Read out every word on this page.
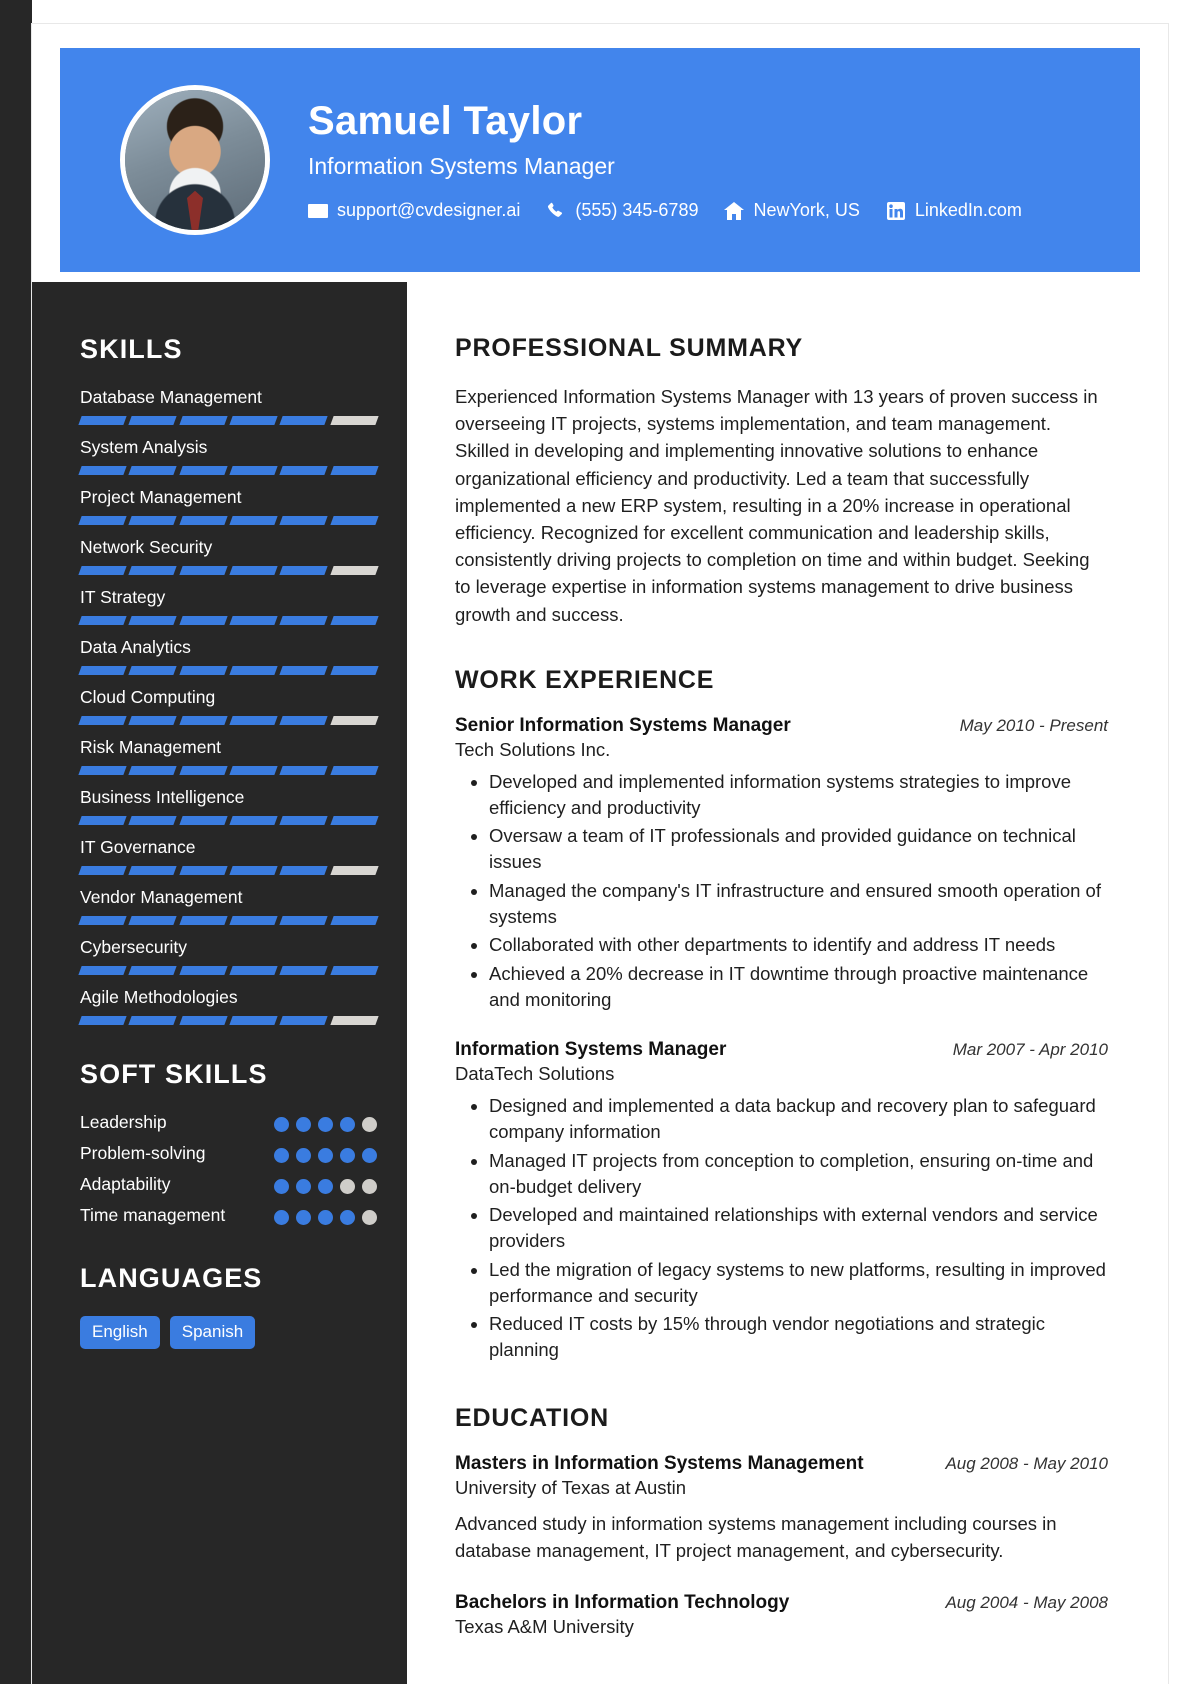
Samuel Taylor
Information Systems Manager
support@cvdesigner.ai	(555) 345-6789	NewYork, US	LinkedIn.com
SKILLS
Database Management
System Analysis
Project Management
Network Security
IT Strategy
Data Analytics
Cloud Computing
Risk Management
Business Intelligence
IT Governance
Vendor Management
Cybersecurity
Agile Methodologies
SOFT SKILLS
Leadership
Problem-solving
Adaptability
Time management
LANGUAGES
English	Spanish
PROFESSIONAL SUMMARY
Experienced Information Systems Manager with 13 years of proven success in overseeing IT projects, systems implementation, and team management. Skilled in developing and implementing innovative solutions to enhance organizational efficiency and productivity. Led a team that successfully implemented a new ERP system, resulting in a 20% increase in operational efficiency. Recognized for excellent communication and leadership skills, consistently driving projects to completion on time and within budget. Seeking to leverage expertise in information systems management to drive business growth and success.
WORK EXPERIENCE
Senior Information Systems Manager	May 2010 - Present
Tech Solutions Inc.
• Developed and implemented information systems strategies to improve efficiency and productivity
• Oversaw a team of IT professionals and provided guidance on technical issues
• Managed the company's IT infrastructure and ensured smooth operation of systems
• Collaborated with other departments to identify and address IT needs
• Achieved a 20% decrease in IT downtime through proactive maintenance and monitoring
Information Systems Manager	Mar 2007 - Apr 2010
DataTech Solutions
• Designed and implemented a data backup and recovery plan to safeguard company information
• Managed IT projects from conception to completion, ensuring on-time and on-budget delivery
• Developed and maintained relationships with external vendors and service providers
• Led the migration of legacy systems to new platforms, resulting in improved performance and security
• Reduced IT costs by 15% through vendor negotiations and strategic planning
EDUCATION
Masters in Information Systems Management	Aug 2008 - May 2010
University of Texas at Austin
Advanced study in information systems management including courses in database management, IT project management, and cybersecurity.
Bachelors in Information Technology	Aug 2004 - May 2008
Texas A&M University
